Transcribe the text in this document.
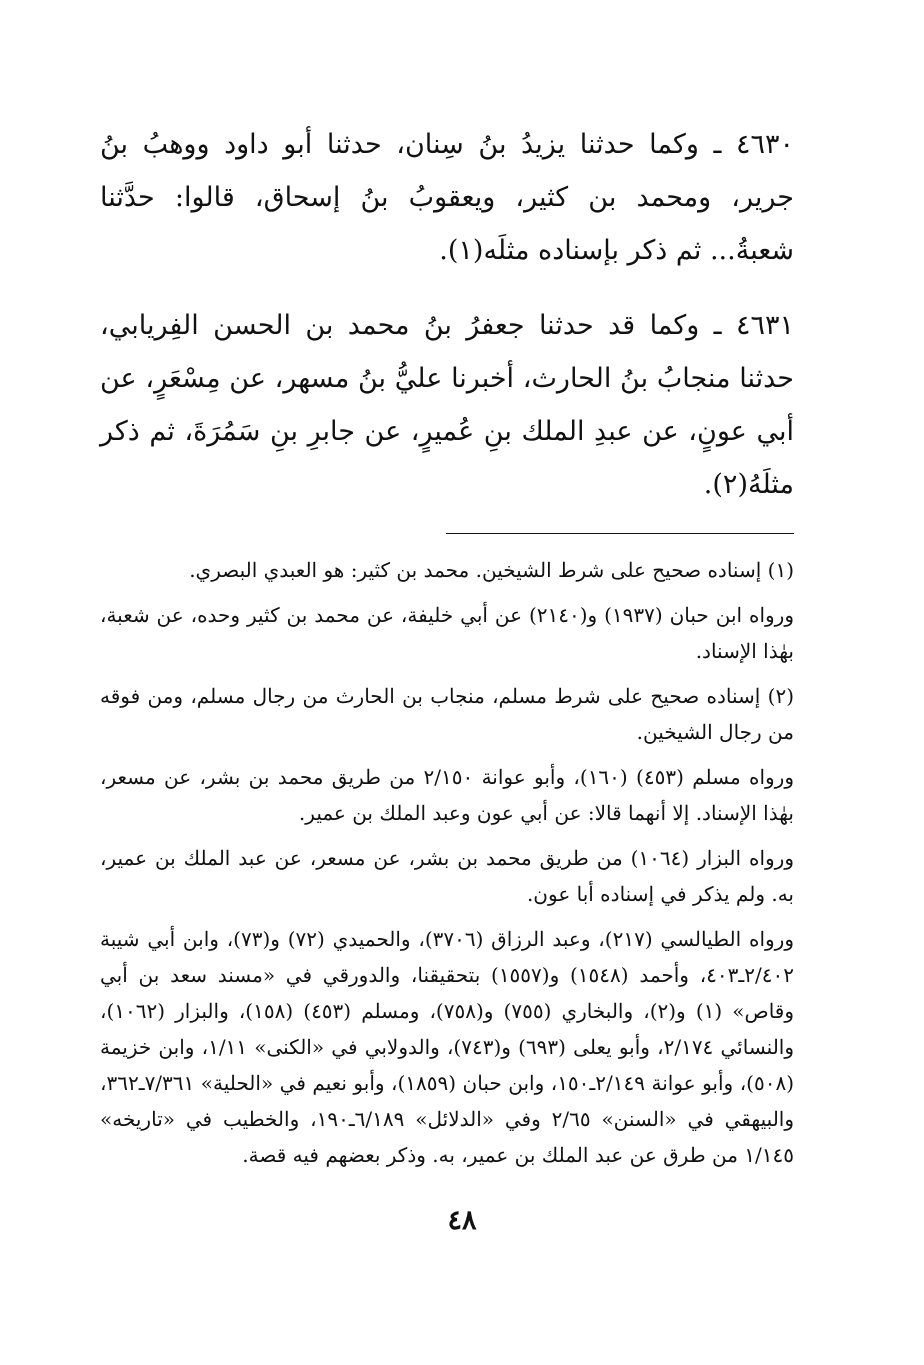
٤٦٣٠ ـ وكما حدثنا يزيدُ بنُ سِنان، حدثنا أبو داود ووهبُ بنُ جرير، ومحمد بن كثير، ويعقوبُ بنُ إسحاق، قالوا: حدَّثنا شعبةُ... ثم ذكر بإسناده مثلَه(١).

٤٦٣١ ـ وكما قد حدثنا جعفرُ بنُ محمد بن الحسن الفِريابي، حدثنا منجابُ بنُ الحارث، أخبرنا عليُّ بنُ مسهر، عن مِسْعَرٍ، عن أبي عونٍ، عن عبدِ الملك بنِ عُميرٍ، عن جابرِ بنِ سَمُرَةَ، ثم ذكر مثلَهُ(٢).

(١) إسناده صحيح على شرط الشيخين. محمد بن كثير: هو العبدي البصري.

ورواه ابن حبان (١٩٣٧) و(٢١٤٠) عن أبي خليفة، عن محمد بن كثير وحده، عن شعبة، بهٰذا الإسناد.

(٢) إسناده صحيح على شرط مسلم، منجاب بن الحارث من رجال مسلم، ومن فوقه من رجال الشيخين.

ورواه مسلم (٤٥٣) (١٦٠)، وأبو عوانة ٢/١٥٠ من طريق محمد بن بشر، عن مسعر، بهٰذا الإسناد. إلا أنهما قالا: عن أبي عون وعبد الملك بن عمير.

ورواه البزار (١٠٦٤) من طريق محمد بن بشر، عن مسعر، عن عبد الملك بن عمير، به. ولم يذكر في إسناده أبا عون.

ورواه الطيالسي (٢١٧)، وعبد الرزاق (٣٧٠٦)، والحميدي (٧٢) و(٧٣)، وابن أبي شيبة ٢/٤٠٢ـ٤٠٣، وأحمد (١٥٤٨) و(١٥٥٧) بتحقيقنا، والدورقي في «مسند سعد بن أبي وقاص» (١) و(٢)، والبخاري (٧٥٥) و(٧٥٨)، ومسلم (٤٥٣) (١٥٨)، والبزار (١٠٦٢)، والنسائي ٢/١٧٤، وأبو يعلى (٦٩٣) و(٧٤٣)، والدولابي في «الكنى» ١/١١، وابن خزيمة (٥٠٨)، وأبو عوانة ٢/١٤٩ـ١٥٠، وابن حبان (١٨٥٩)، وأبو نعيم في «الحلية» ٧/٣٦١ـ٣٦٢، والبيهقي في «السنن» ٢/٦٥ وفي «الدلائل» ٦/١٨٩ـ١٩٠، والخطيب في «تاريخه» ١/١٤٥ من طرق عن عبد الملك بن عمير، به. وذكر بعضهم فيه قصة.

٤٨
